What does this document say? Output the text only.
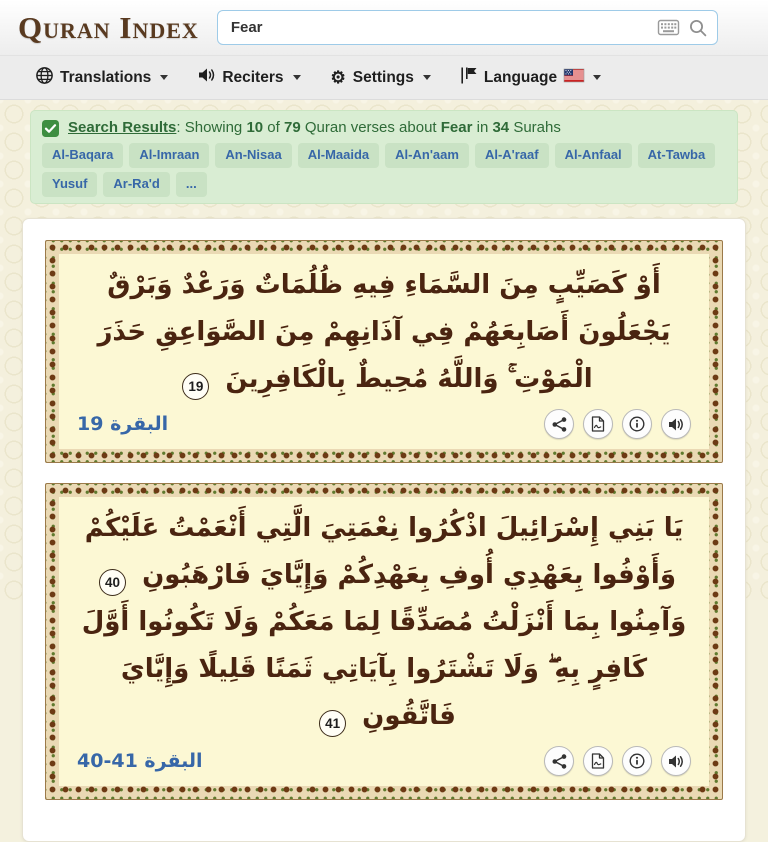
Quran Index
Fear
Translations	Reciters	⚙ Settings	Language
Search Results: Showing 10 of 79 Quran verses about Fear in 34 Surahs
Al-Baqara	Al-Imraan	An-Nisaa	Al-Maaida	Al-An'aam	Al-A'raaf	Al-Anfaal	At-Tawba
Yusuf	Ar-Ra'd	...
أَوْ كَصَيِّبٍ مِنَ السَّمَاءِ فِيهِ ظُلُمَاتٌ وَرَعْدٌ وَبَرْقٌ يَجْعَلُونَ أَصَابِعَهُمْ فِي آذَانِهِمْ مِنَ الصَّوَاعِقِ حَذَرَ الْمَوْتِ ۚ وَاللَّهُ مُحِيطٌ بِالْكَافِرِينَ 19
البقرة 19
يَا بَنِي إِسْرَائِيلَ اذْكُرُوا نِعْمَتِيَ الَّتِي أَنْعَمْتُ عَلَيْكُمْ وَأَوْفُوا بِعَهْدِي أُوفِ بِعَهْدِكُمْ وَإِيَّايَ فَارْهَبُونِ 40 وَآمِنُوا بِمَا أَنْزَلْتُ مُصَدِّقًا لِمَا مَعَكُمْ وَلَا تَكُونُوا أَوَّلَ كَافِرٍ بِهِ ۖ وَلَا تَشْتَرُوا بِآيَاتِي ثَمَنًا قَلِيلًا وَإِيَّايَ فَاتَّقُونِ 41
البقرة 41-40
